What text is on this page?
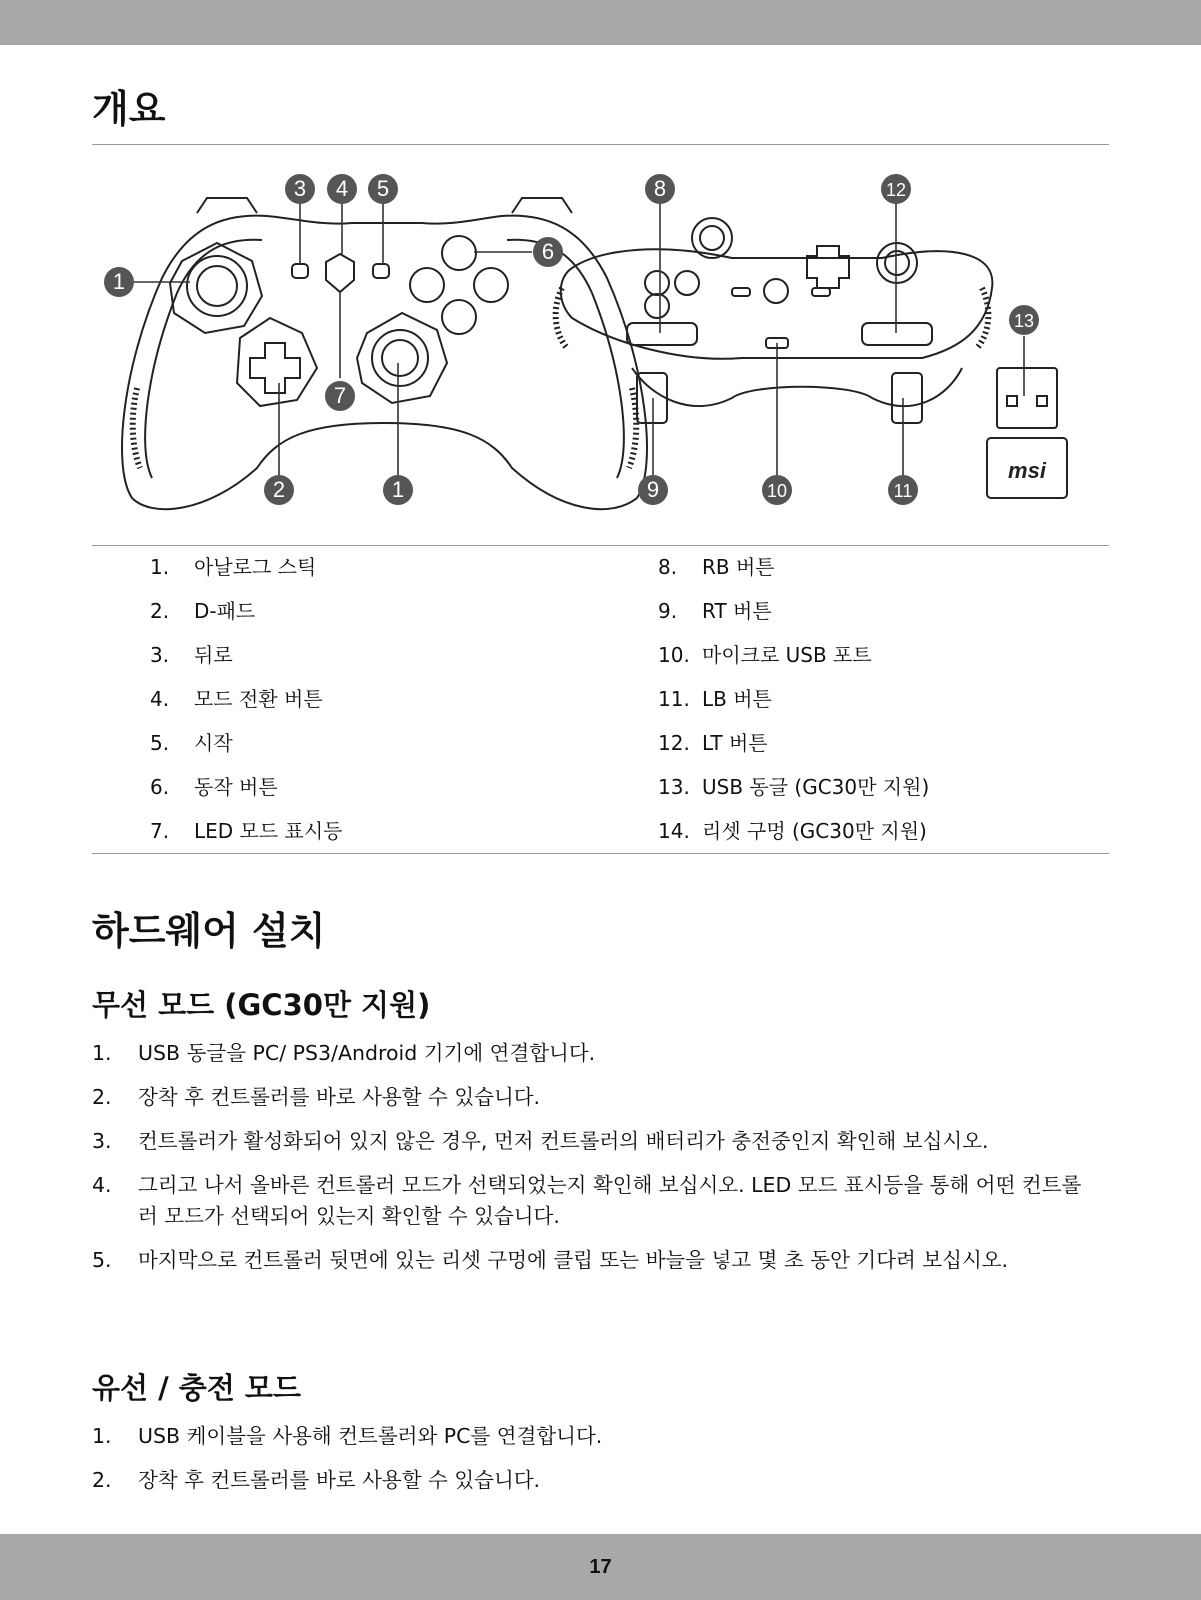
개요
1
2	1
3 4 5
6
7
8
9	10	11
12
13
msi
1.	아날로그 스틱
2.	D-패드
3.	뒤로
4.	모드 전환 버튼
5.	시작
6.	동작 버튼
7.	LED 모드 표시등
8.	RB 버튼
9.	RT 버튼
10. 마이크로 USB 포트
11. LB 버튼
12. LT 버튼
13. USB 동글 (GC30만 지원)
14. 리셋 구멍 (GC30만 지원)
하드웨어 설치
무선 모드 (GC30만 지원)
1.	USB 동글을 PC/ PS3/Android 기기에 연결합니다.
2.	장착 후 컨트롤러를 바로 사용할 수 있습니다.
3.	컨트롤러가 활성화되어 있지 않은 경우, 먼저 컨트롤러의 배터리가 충전중인지 확인해 보십시오.
4.	그리고 나서 올바른 컨트롤러 모드가 선택되었는지 확인해 보십시오. LED 모드 표시등을 통해 어떤 컨트롤러 모드가 선택되어 있는지 확인할 수 있습니다.
5.	마지막으로 컨트롤러 뒷면에 있는 리셋 구멍에 클립 또는 바늘을 넣고 몇 초 동안 기다려 보십시오.
유선 / 충전 모드
1.	USB 케이블을 사용해 컨트롤러와 PC를 연결합니다.
2.	장착 후 컨트롤러를 바로 사용할 수 있습니다.
17
